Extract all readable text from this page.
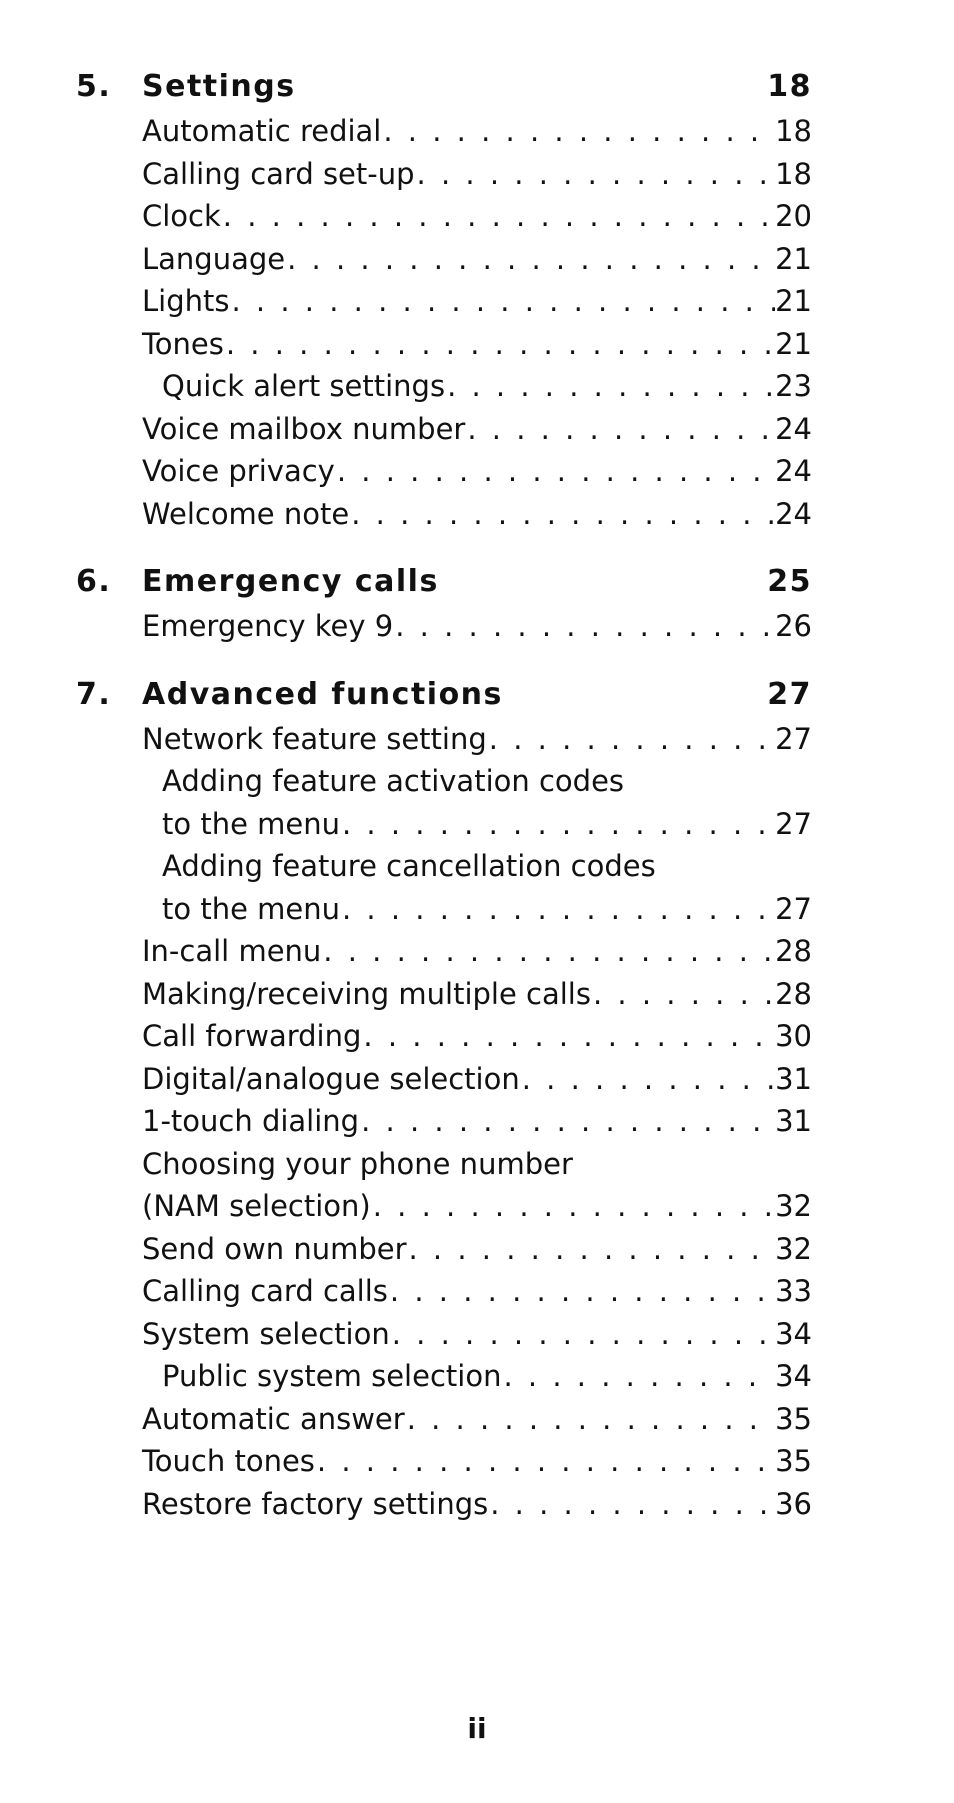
5.	Settings	18
Automatic redial . . .	18
Calling card set-up . . .	18
Clock . . .	20
Language . . .	21
Lights . . .	21
Tones . . .	21
Quick alert settings . . .	23
Voice mailbox number . . .	24
Voice privacy . . .	24
Welcome note . . .	24
6.	Emergency calls	25
Emergency key 9 . . .	26
7.	Advanced functions	27
Network feature setting . . .	27
Adding feature activation codes
to the menu . . .	27
Adding feature cancellation codes
to the menu . . .	27
In-call menu . . .	28
Making/receiving multiple calls . . .	28
Call forwarding . . .	30
Digital/analogue selection . . .	31
1-touch dialing . . .	31
Choosing your phone number
(NAM selection) . . .	32
Send own number . . .	32
Calling card calls . . .	33
System selection . . .	34
Public system selection . . .	34
Automatic answer . . .	35
Touch tones . . .	35
Restore factory settings . . .	36
ii
